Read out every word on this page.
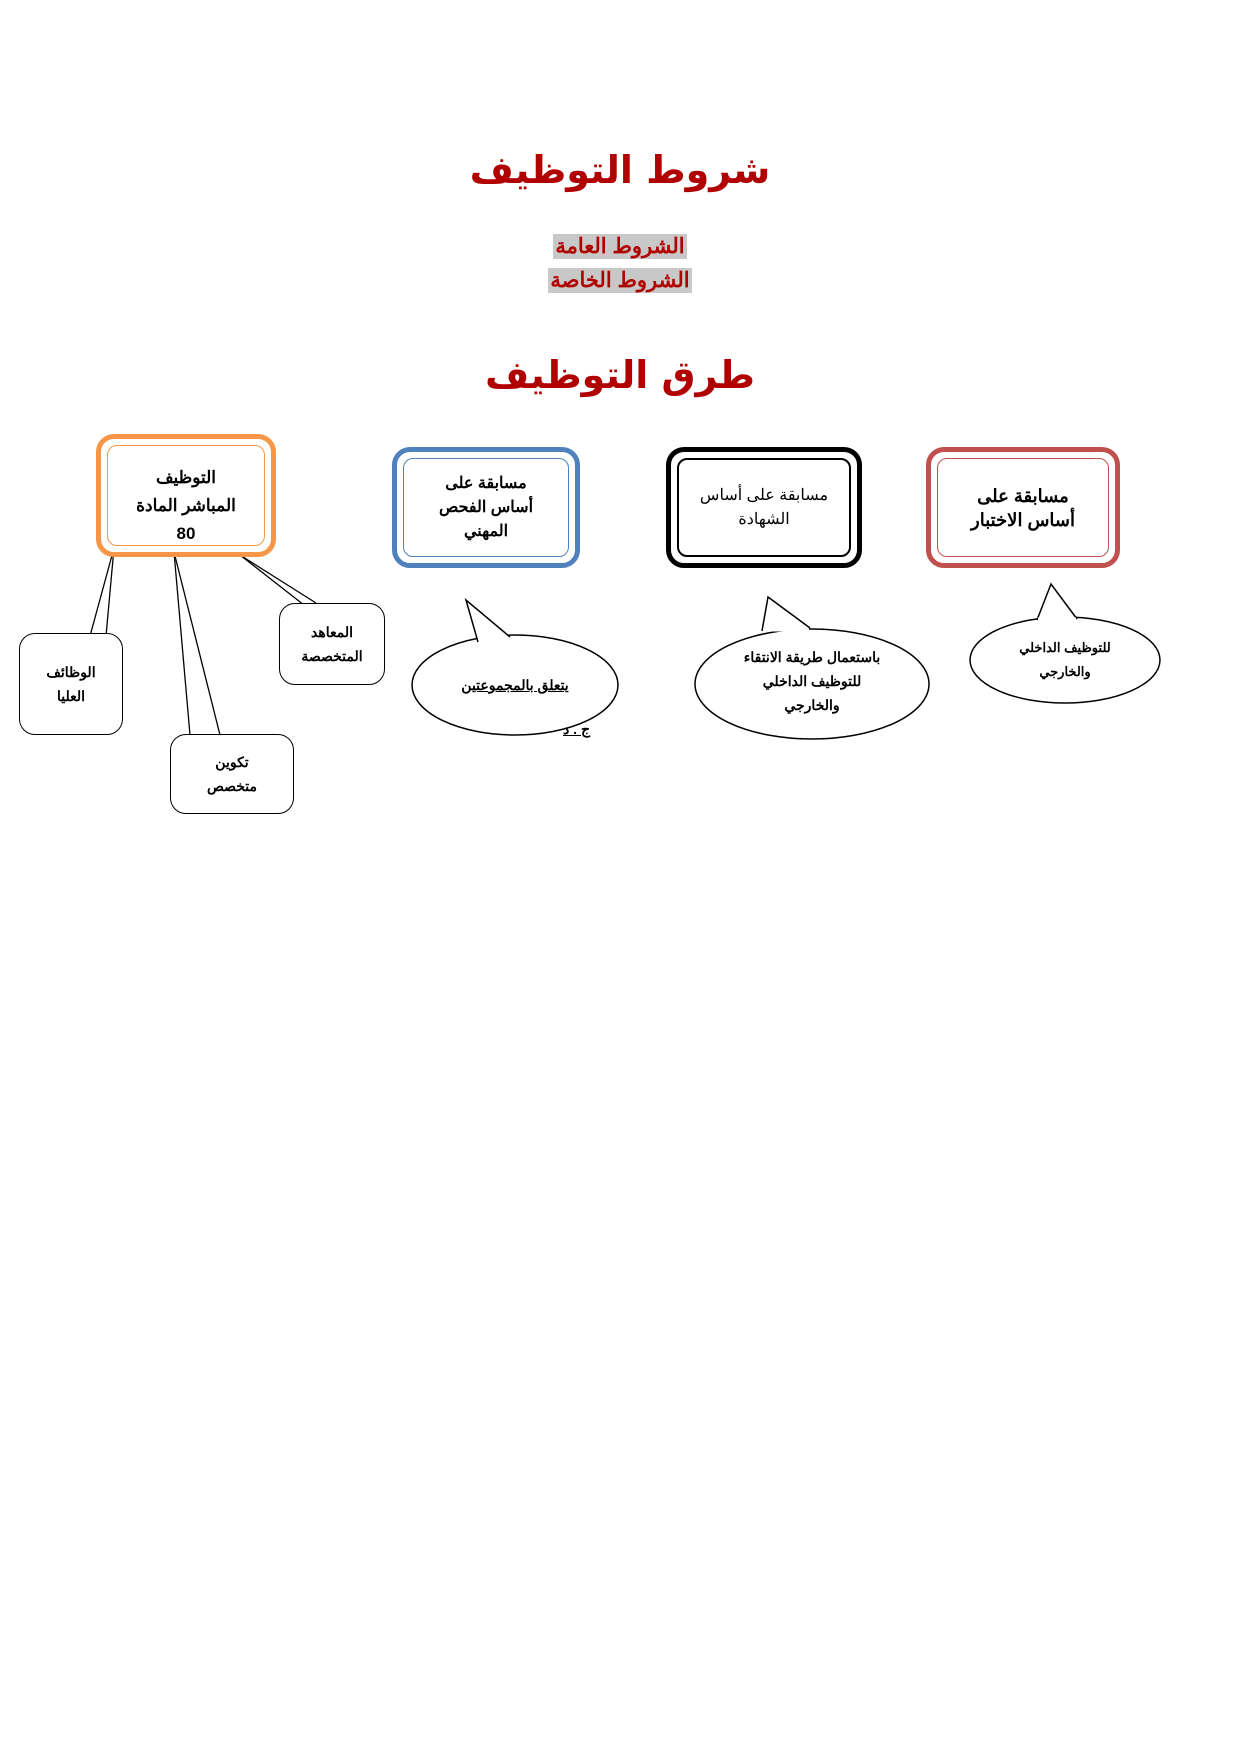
شروط التوظيف
الشروط العامة
الشروط الخاصة
طرق التوظيف
مسابقة على
أساس الاختبار
مسابقة على أساس
الشهادة
مسابقة على
أساس الفحص
المهني
التوظيف
المباشر المادة
80
المعاهد
المتخصصة
الوظائف
العليا
تكوين
متخصص

يتعلق بالمجموعتين

ج . د

باستعمال طريقة الانتقاء
للتوظيف الداخلي
والخارجي
للتوظيف الداخلي
والخارجي
